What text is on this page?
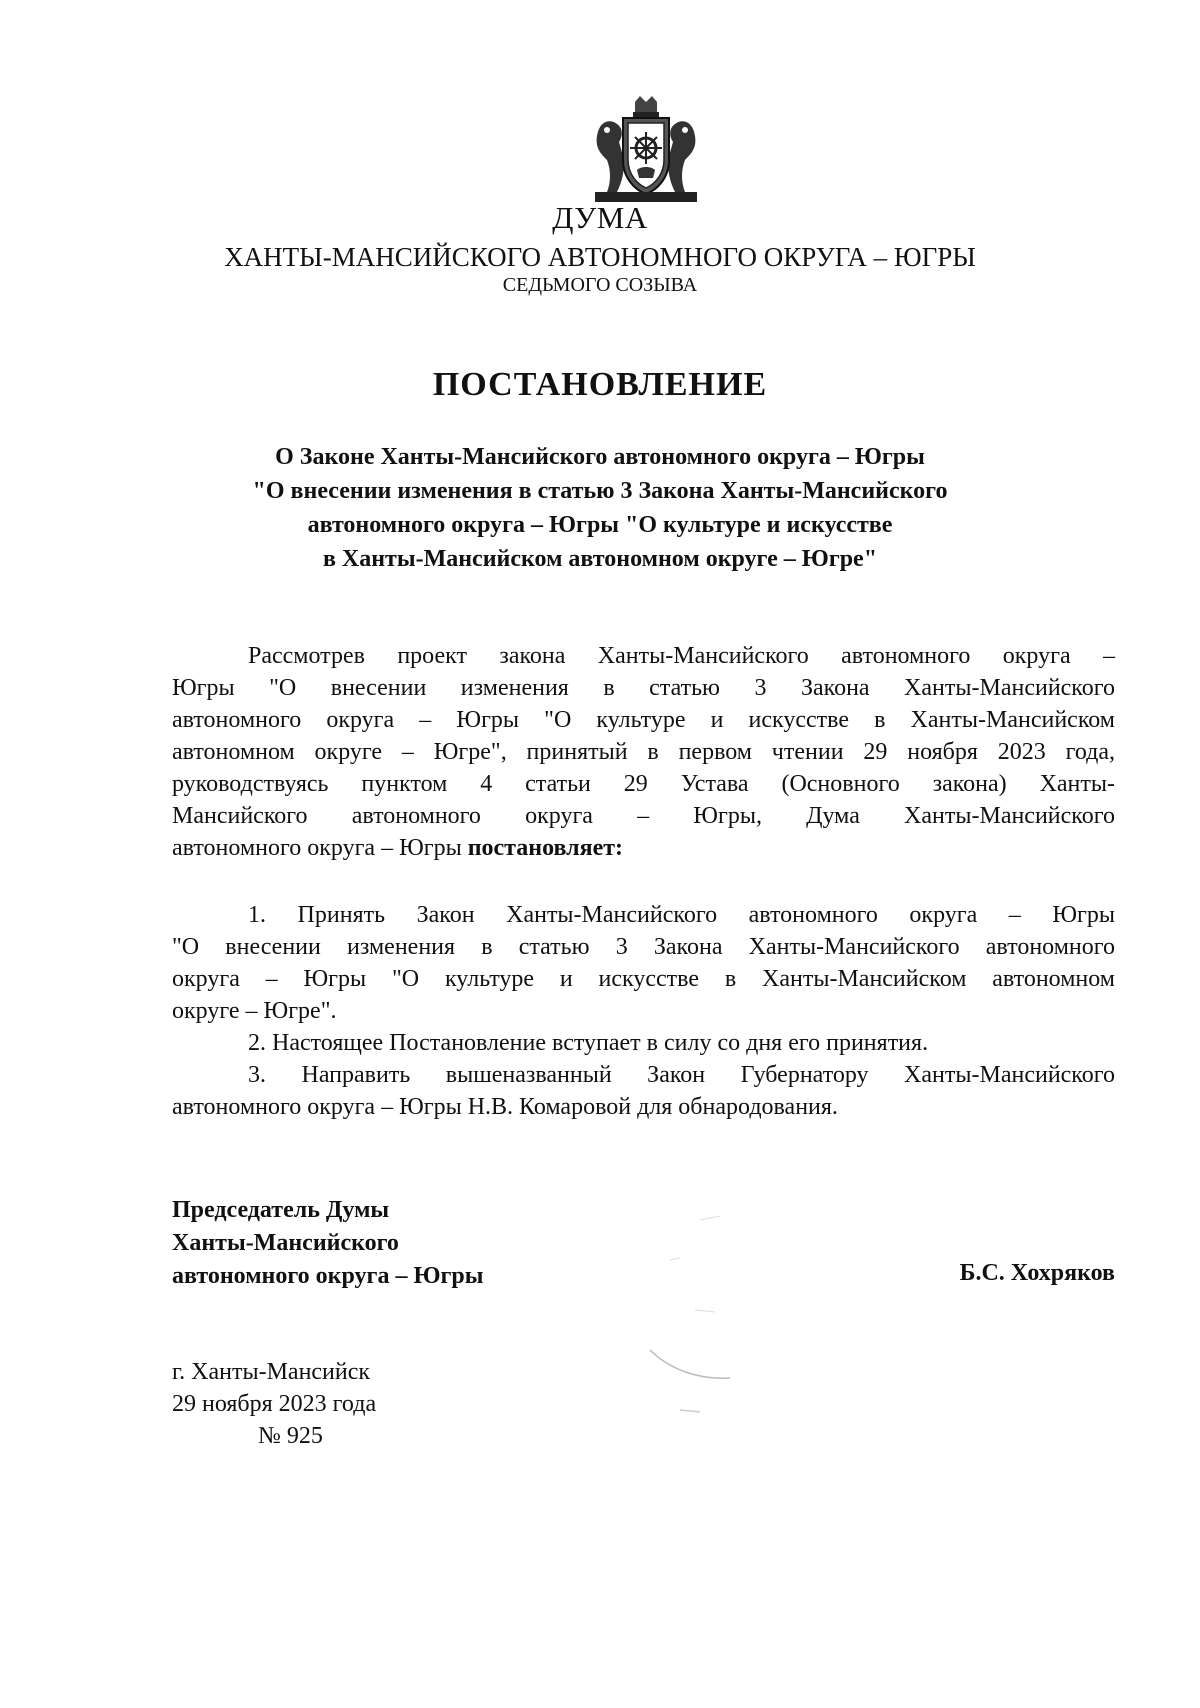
ДУМА
ХАНТЫ-МАНСИЙСКОГО АВТОНОМНОГО ОКРУГА – ЮГРЫ
СЕДЬМОГО СОЗЫВА
ПОСТАНОВЛЕНИЕ
О Законе Ханты-Мансийского автономного округа – Югры
"О внесении изменения в статью 3 Закона Ханты-Мансийского
автономного округа – Югры "О культуре и искусстве
в Ханты-Мансийском автономном округе – Югре"
Рассмотрев проект закона Ханты-Мансийского автономного округа –
Югры "О внесении изменения в статью 3 Закона Ханты-Мансийского
автономного округа – Югры "О культуре и искусстве в Ханты-Мансийском
автономном округе – Югре", принятый в первом чтении 29 ноября 2023 года,
руководствуясь пунктом 4 статьи 29 Устава (Основного закона) Ханты-
Мансийского автономного округа – Югры, Дума Ханты-Мансийского
автономного округа – Югры постановляет:
1. Принять Закон Ханты-Мансийского автономного округа – Югры
"О внесении изменения в статью 3 Закона Ханты-Мансийского автономного
округа – Югры "О культуре и искусстве в Ханты-Мансийском автономном
округе – Югре".
2. Настоящее Постановление вступает в силу со дня его принятия.
3. Направить вышеназванный Закон Губернатору Ханты-Мансийского
автономного округа – Югры Н.В. Комаровой для обнародования.
Председатель Думы
Ханты-Мансийского
автономного округа – Югры	Б.С. Хохряков
г. Ханты-Мансийск
29 ноября 2023 года
№ 925
